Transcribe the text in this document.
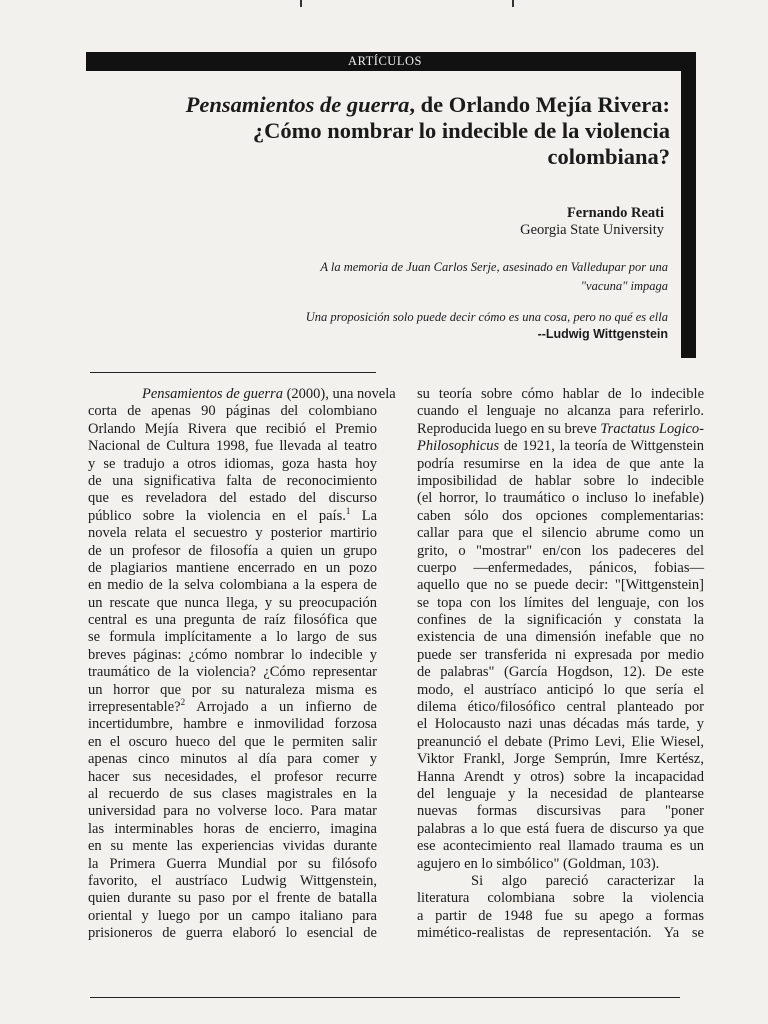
ARTÍCULOS
Pensamientos de guerra, de Orlando Mejía Rivera:
¿Cómo nombrar lo indecible de la violencia
colombiana?
Fernando Reati
Georgia State University
A la memoria de Juan Carlos Serje, asesinado en Valledupar por una
"vacuna" impaga
Una proposición solo puede decir cómo es una cosa, pero no qué es ella
--Ludwig Wittgenstein
Pensamientos de guerra (2000), una novela
corta de apenas 90 páginas del colombiano
Orlando Mejía Rivera que recibió el Premio
Nacional de Cultura 1998, fue llevada al teatro
y se tradujo a otros idiomas, goza hasta hoy
de una significativa falta de reconocimiento
que es reveladora del estado del discurso
público sobre la violencia en el país.$^1$ La
novela relata el secuestro y posterior martirio
de un profesor de filosofía a quien un grupo
de plagiarios mantiene encerrado en un pozo
en medio de la selva colombiana a la espera de
un rescate que nunca llega, y su preocupación
central es una pregunta de raíz filosófica que
se formula implícitamente a lo largo de sus
breves páginas: ¿cómo nombrar lo indecible y
traumático de la violencia? ¿Cómo representar
un horror que por su naturaleza misma es
irrepresentable?$^2$ Arrojado a un infierno de
incertidumbre, hambre e inmovilidad forzosa
en el oscuro hueco del que le permiten salir
apenas cinco minutos al día para comer y
hacer sus necesidades, el profesor recurre
al recuerdo de sus clases magistrales en la
universidad para no volverse loco. Para matar
las interminables horas de encierro, imagina
en su mente las experiencias vividas durante
la Primera Guerra Mundial por su filósofo
favorito, el austríaco Ludwig Wittgenstein,
quien durante su paso por el frente de batalla
oriental y luego por un campo italiano para
prisioneros de guerra elaboró lo esencial de
su teoría sobre cómo hablar de lo indecible
cuando el lenguaje no alcanza para referirlo.
Reproducida luego en su breve Tractatus Logico-
Philosophicus de 1921, la teoría de Wittgenstein
podría resumirse en la idea de que ante la
imposibilidad de hablar sobre lo indecible
(el horror, lo traumático o incluso lo inefable)
caben sólo dos opciones complementarias:
callar para que el silencio abrume como un
grito, o "mostrar" en/con los padeceres del
cuerpo —enfermedades, pánicos, fobias—
aquello que no se puede decir: "[Wittgenstein]
se topa con los límites del lenguaje, con los
confines de la significación y constata la
existencia de una dimensión inefable que no
puede ser transferida ni expresada por medio
de palabras" (García Hogdson, 12). De este
modo, el austríaco anticipó lo que sería el
dilema ético/filosófico central planteado por
el Holocausto nazi unas décadas más tarde, y
preanunció el debate (Primo Levi, Elie Wiesel,
Viktor Frankl, Jorge Semprún, Imre Kertész,
Hanna Arendt y otros) sobre la incapacidad
del lenguaje y la necesidad de plantearse
nuevas formas discursivas para "poner
palabras a lo que está fuera de discurso ya que
ese acontecimiento real llamado trauma es un
agujero en lo simbólico" (Goldman, 103).
Si algo pareció caracterizar la
literatura colombiana sobre la violencia
a partir de 1948 fue su apego a formas
mimético-realistas de representación. Ya se
